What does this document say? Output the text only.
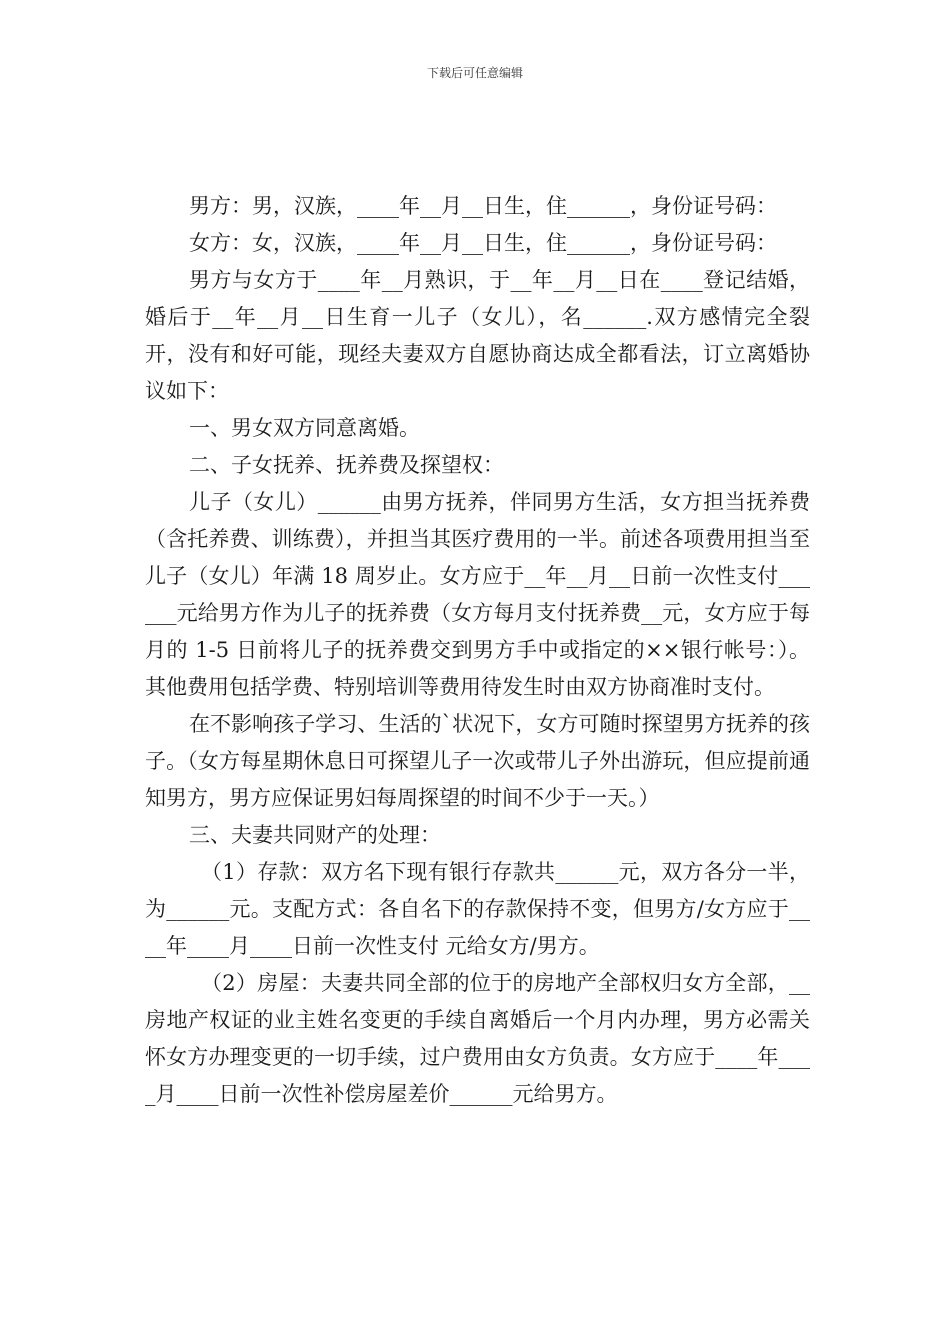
下载后可任意编辑

男方：男，汉族，____年__月__日生，住______，身份证号码：

女方：女，汉族，____年__月__日生，住______，身份证号码：

男方与女方于____年__月熟识，于__年__月__日在____登记结婚，婚后于__年__月__日生育一儿子（女儿），名______.双方感情完全裂开，没有和好可能，现经夫妻双方自愿协商达成全都看法，订立离婚协议如下：

一、男女双方同意离婚。

二、子女抚养、抚养费及探望权：

儿子（女儿）______由男方抚养，伴同男方生活，女方担当抚养费（含托养费、训练费），并担当其医疗费用的一半。前述各项费用担当至儿子（女儿）年满 18 周岁止。女方应于__年__月__日前一次性支付______元给男方作为儿子的抚养费（女方每月支付抚养费__元，女方应于每月的 1-5 日前将儿子的抚养费交到男方手中或指定的××银行帐号：）。其他费用包括学费、特别培训等费用待发生时由双方协商准时支付。

在不影响孩子学习、生活的`状况下，女方可随时探望男方抚养的孩子。（女方每星期休息日可探望儿子一次或带儿子外出游玩，但应提前通知男方，男方应保证男妇每周探望的时间不少于一天。）

三、夫妻共同财产的处理：

（1）存款：双方名下现有银行存款共______元，双方各分一半，为______元。支配方式：各自名下的存款保持不变，但男方/女方应于____年____月____日前一次性支付 元给女方/男方。

（2）房屋：夫妻共同全部的位于的房地产全部权归女方全部，__房地产权证的业主姓名变更的手续自离婚后一个月内办理，男方必需关怀女方办理变更的一切手续，过户费用由女方负责。女方应于____年____月____日前一次性补偿房屋差价______元给男方。
